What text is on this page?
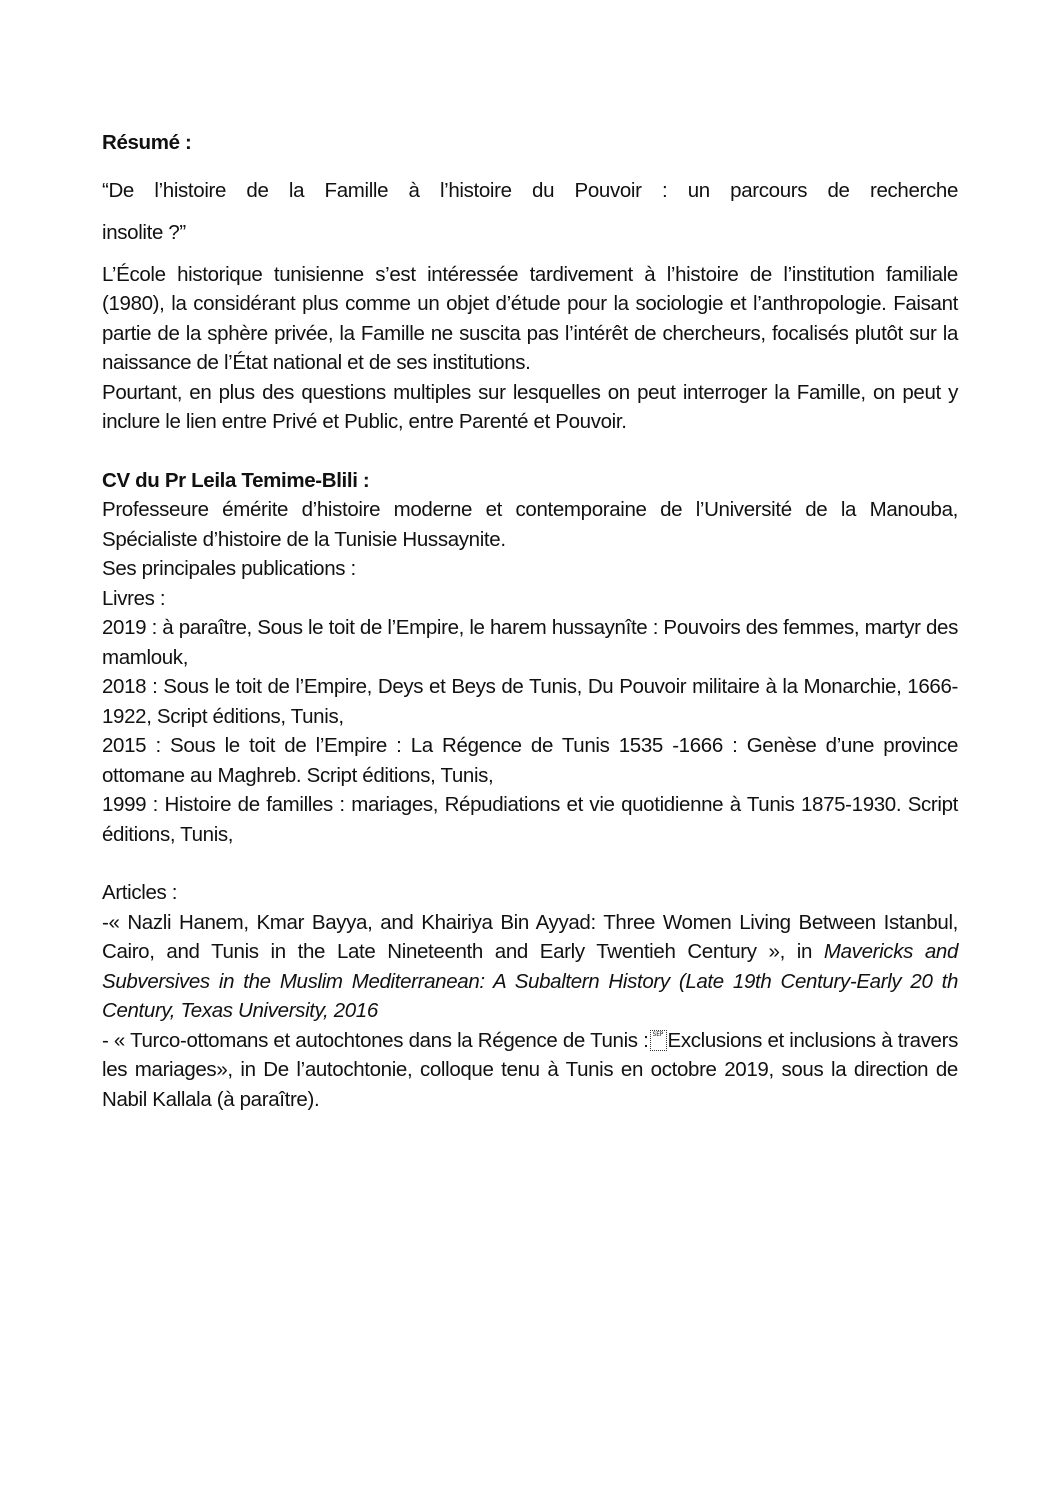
Résumé :

“De l’histoire de la Famille à l’histoire du Pouvoir : un parcours de recherche

insolite ?”

L’École historique tunisienne s’est intéressée tardivement à l’histoire de l’institution familiale (1980), la considérant plus comme un objet d’étude pour la sociologie et l’anthropologie. Faisant partie de la sphère privée, la Famille ne suscita pas l’intérêt de chercheurs, focalisés plutôt sur la naissance de l’État national et de ses institutions.

Pourtant, en plus des questions multiples sur lesquelles on peut interroger la Famille, on peut y inclure le lien entre Privé et Public, entre Parenté et Pouvoir.

CV du Pr Leila Temime-Blili :

Professeure émérite d’histoire moderne et contemporaine de l’Université de la Manouba, Spécialiste d’histoire de la Tunisie Hussaynite.

Ses principales publications :

Livres :

2019 : à paraître, Sous le toit de l’Empire, le harem hussaynîte : Pouvoirs des femmes, martyr des mamlouk,

2018 : Sous le toit de l’Empire, Deys et Beys de Tunis, Du Pouvoir militaire à la Monarchie, 1666-1922, Script éditions, Tunis,

2015 : Sous le toit de l’Empire : La Régence de Tunis 1535 -1666 : Genèse d’une province ottomane au Maghreb. Script éditions, Tunis,

1999 : Histoire de familles : mariages, Répudiations et vie quotidienne à Tunis 1875-1930. Script éditions, Tunis,

Articles :

-« Nazli Hanem, Kmar Bayya, and Khairiya Bin Ayyad: Three Women Living Between Istanbul, Cairo, and Tunis in the Late Nineteenth and Early Twentieh Century », in Mavericks and Subversives in the Muslim Mediterranean: A Subaltern History (Late 19th Century-Early 20 th Century, Texas University, 2016

- « Turco-ottomans et autochtones dans la Régence de Tunis : SEP Exclusions et inclusions à travers les mariages», in De l’autochtonie, colloque tenu à Tunis en octobre 2019, sous la direction de Nabil Kallala (à paraître).
